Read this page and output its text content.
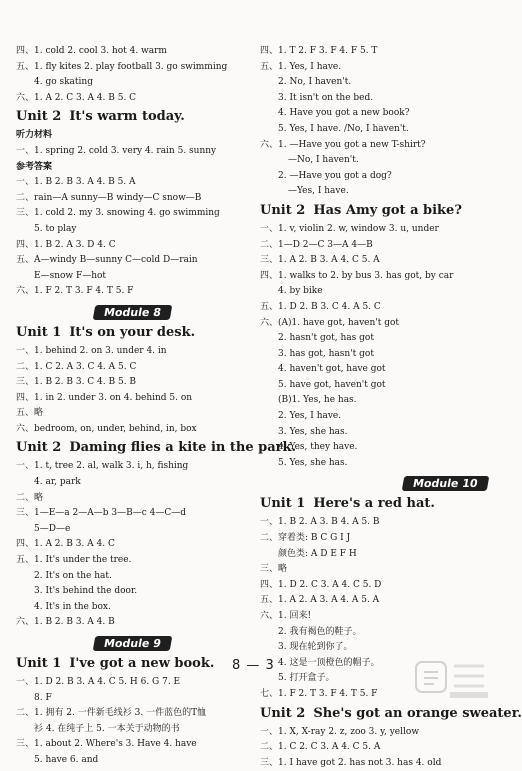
四、1. cold 2. cool 3. hot 4. warm
五、1. fly kites 2. play football 3. go swimming
4. go skating
六、1. A 2. C 3. A 4. B 5. C
Unit 2 It's warm today.
听力材料
一、1. spring 2. cold 3. very 4. rain 5. sunny
参考答案
一、1. B 2. B 3. A 4. B 5. A
二、rain—A sunny—B windy—C snow—B
三、1. cold 2. my 3. snowing 4. go swimming
5. to play
四、1. B 2. A 3. D 4. C
五、A—windy B—sunny C—cold D—rain
E—snow F—hot
六、1. F 2. T 3. F 4. T 5. F
Module 8
Unit 1 It's on your desk.
一、1. behind 2. on 3. under 4. in
二、1. C 2. A 3. C 4. A 5. C
三、1. B 2. B 3. C 4. B 5. B
四、1. in 2. under 3. on 4. behind 5. on
五、略
六、bedroom, on, under, behind, in, box
Unit 2 Daming flies a kite in the park.
一、1. t, tree 2. al, walk 3. i, h, fishing
4. ar, park
二、略
三、1—E—a 2—A—b 3—B—c 4—C—d
5—D—e
四、1. A 2. B 3. A 4. C
五、1. It's under the tree.
2. It's on the hat.
3. It's behind the door.
4. It's in the box.
六、1. B 2. B 3. A 4. B
Module 9
Unit 1 I've got a new book.
一、1. D 2. B 3. A 4. C 5. H 6. G 7. E
8. F
二、1. 拥有 2. 一件新毛线衫 3. 一件蓝色的T恤
衫 4. 在纯子上 5. 一本关于动物的书
三、1. about 2. Where's 3. Have 4. have
5. have 6. and
四、1. T 2. F 3. F 4. F 5. T
五、1. Yes, I have.
2. No, I haven't.
3. It isn't on the bed.
4. Have you got a new book?
5. Yes, I have. /No, I haven't.
六、1. —Have you got a new T-shirt?
—No, I haven't.
2. —Have you got a dog?
—Yes, I have.
Unit 2 Has Amy got a bike?
一、1. v, violin 2. w, window 3. u, under
二、1—D 2—C 3—A 4—B
三、1. A 2. B 3. A 4. C 5. A
四、1. walks to 2. by bus 3. has got, by car
4. by bike
五、1. D 2. B 3. C 4. A 5. C
六、(A)1. have got, haven't got
2. hasn't got, has got
3. has got, hasn't got
4. haven't got, have got
5. have got, haven't got
(B)1. Yes, he has.
2. Yes, I have.
3. Yes, she has.
4. Yes, they have.
5. Yes, she has.
Module 10
Unit 1 Here's a red hat.
一、1. B 2. A 3. B 4. A 5. B
二、穿着类: B C G I J
颜色类: A D E F H
三、略
四、1. D 2. C 3. A 4. C 5. D
五、1. A 2. A 3. A 4. A 5. A
六、1. 回来!
2. 我有褐色的鞋子。
3. 现在轮到你了。
4. 这是一顶橙色的帽子。
5. 打开盒子。
七、1. F 2. T 3. F 4. T 5. F
Unit 2 She's got an orange sweater.
一、1. X, X-ray 2. z, zoo 3. y, yellow
二、1. C 2. C 3. A 4. C 5. A
三、1. I have got 2. has not 3. has 4. old
8 — 3
